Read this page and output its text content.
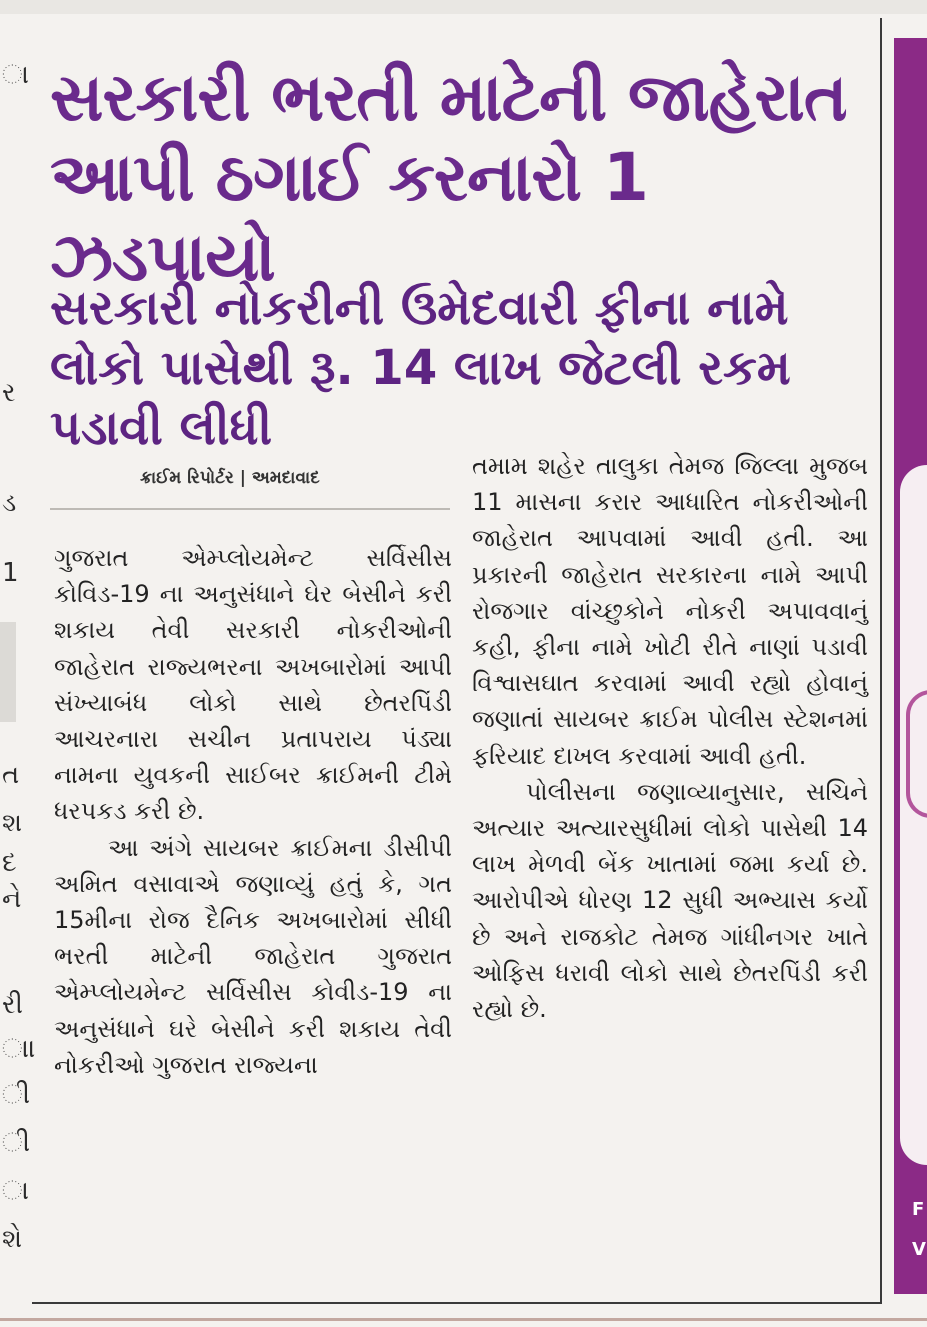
ા
ર
ડ
1
ત
શ
દ
ને
રી
ાા
ી
ી
ા
શે
સરકારી ભરતી માટેની જાહેરાત આપી ઠગાઈ કરનારો 1 ઝડપાયો
સરકારી નોકરીની ઉમેદવારી ફીના નામે લોકો પાસેથી રૂ. 14 લાખ જેટલી રકમ પડાવી લીધી
ક્રાઈમ રિપોર્ટર | અમદાવાદ

ગુજરાત એમ્પ્લોયમેન્ટ સર્વિસીસ કોવિડ-19 ના અનુસંધાને ઘેર બેસીને કરી શકાય તેવી સરકારી નોકરીઓની જાહેરાત રાજ્યભરના અખબારોમાં આપી સંખ્યાબંધ લોકો સાથે છેતરપિંડી આચરનારા સચીન પ્રતાપરાય પંડ્યા નામના યુવકની સાઈબર ક્રાઈમની ટીમે ધરપકડ કરી છે.

આ અંગે સાયબર ક્રાઈમના ડીસીપી અમિત વસાવાએ જણાવ્યું હતું કે, ગત 15મીના રોજ દૈનિક અખબારોમાં સીધી ભરતી માટેની જાહેરાત ગુજરાત એમ્પ્લોયમેન્ટ સર્વિસીસ કોવીડ-19 ના અનુસંધાને ઘરે બેસીને કરી શકાય તેવી નોકરીઓ ગુજરાત રાજ્યના

તમામ શહેર તાલુકા તેમજ જિલ્લા મુજબ 11 માસના કરાર આધારિત નોકરીઓની જાહેરાત આપવામાં આવી હતી. આ પ્રકારની જાહેરાત સરકારના નામે આપી રોજગાર વાંચ્છુકોને નોકરી અપાવવાનું કહી, ફીના નામે ખોટી રીતે નાણાં પડાવી વિશ્વાસઘાત કરવામાં આવી રહ્યો હોવાનું જણાતાં સાયબર ક્રાઈમ પોલીસ સ્ટેશનમાં ફરિયાદ દાખલ કરવામાં આવી હતી.

પોલીસના જણાવ્યાનુસાર, સચિને અત્યાર અત્યારસુધીમાં લોકો પાસેથી 14 લાખ મેળવી બેંક ખાતામાં જમા કર્યા છે. આરોપીએ ધોરણ 12 સુધી અભ્યાસ કર્યો છે અને રાજકોટ તેમજ ગાંધીનગર ખાતે ઓફિસ ધરાવી લોકો સાથે છેતરપિંડી કરી રહ્યો છે.

F V
